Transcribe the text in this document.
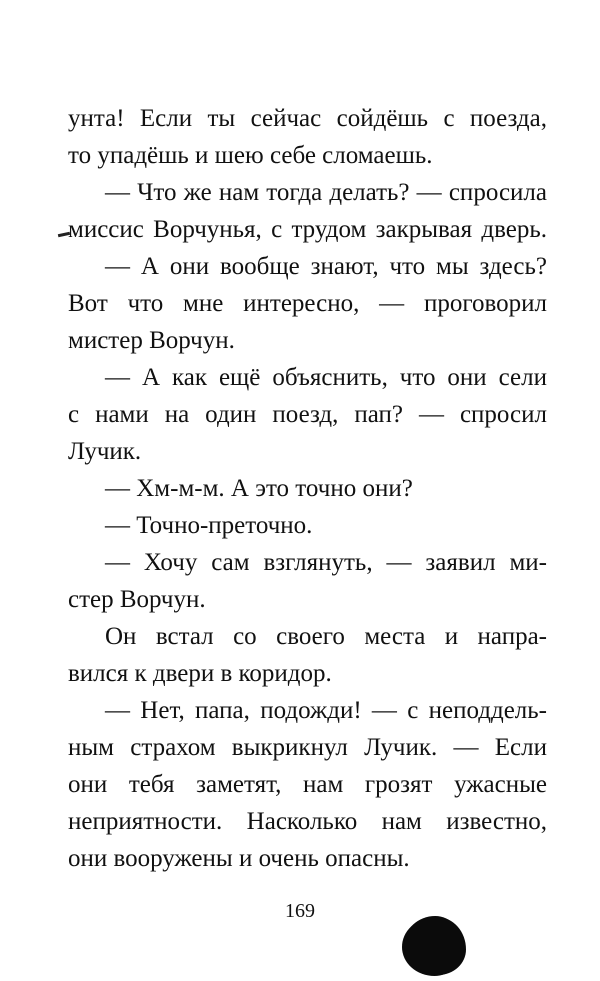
унта! Если ты сейчас сойдёшь с поезда,
то упадёшь и шею себе сломаешь.
— Что же нам тогда делать? — спросила
миссис Ворчунья, с трудом закрывая дверь.
— А они вообще знают, что мы здесь?
Вот что мне интересно, — проговорил
мистер Ворчун.
— А как ещё объяснить, что они сели
с нами на один поезд, пап? — спросил
Лучик.
— Хм-м-м. А это точно они?
— Точно-преточно.
— Хочу сам взглянуть, — заявил ми-
стер Ворчун.
Он встал со своего места и напра-
вился к двери в коридор.
— Нет, папа, подожди! — с неподдель-
ным страхом выкрикнул Лучик. — Если
они тебя заметят, нам грозят ужасные
неприятности. Насколько нам известно,
они вооружены и очень опасны.
169
